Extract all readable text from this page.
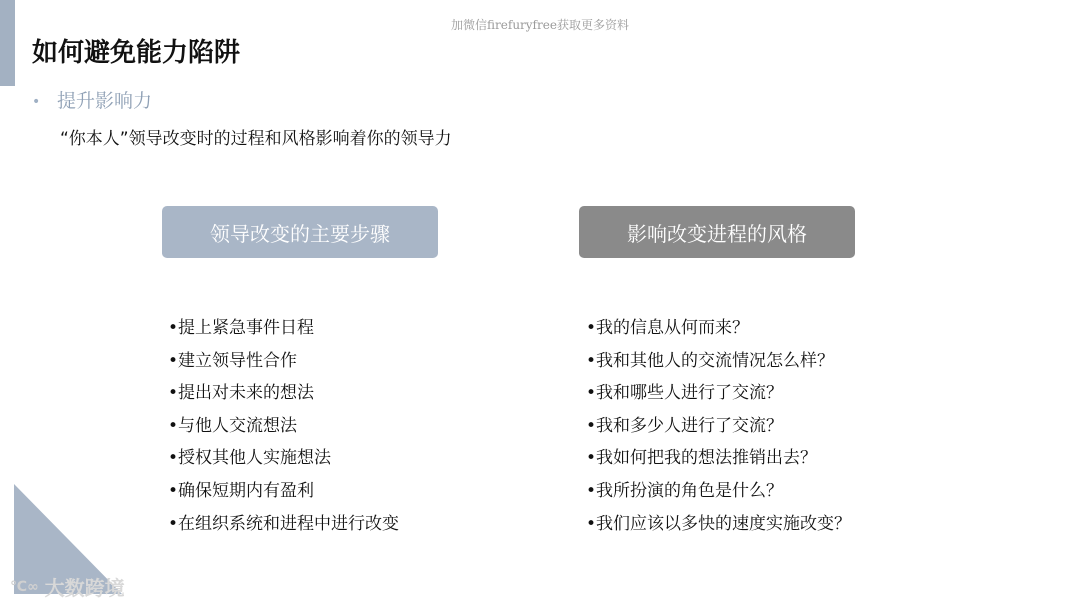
加微信firefuryfree获取更多资料
如何避免能力陷阱
• 提升影响力
“你本人”领导改变时的过程和风格影响着你的领导力
领导改变的主要步骤	影响改变进程的风格
•提上紧急事件日程
•建立领导性合作
•提出对未来的想法
•与他人交流想法
•授权其他人实施想法
•确保短期内有盈利
•在组织系统和进程中进行改变
•我的信息从何而来？
•我和其他人的交流情况怎么样？
•我和哪些人进行了交流？
•我和多少人进行了交流？
•我如何把我的想法推销出去？
•我所扮演的角色是什么？
•我们应该以多快的速度实施改变？
℃∞ 大数跨境
